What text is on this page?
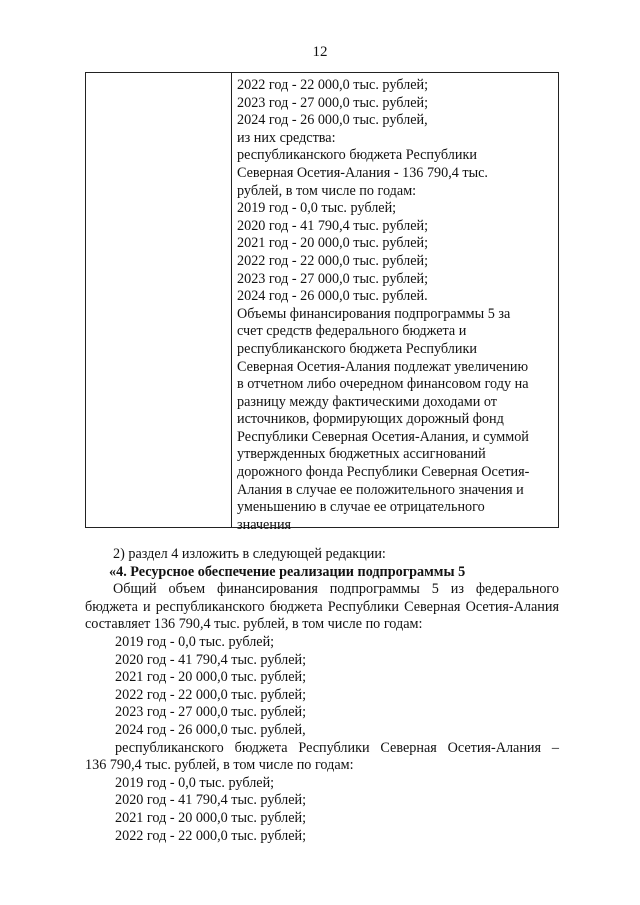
12
2022 год - 22 000,0 тыс. рублей;
2023 год - 27 000,0 тыс. рублей;
2024 год - 26 000,0 тыс. рублей,
из них средства:
республиканского бюджета Республики
Северная Осетия-Алания - 136 790,4 тыс.
рублей, в том числе по годам:
2019 год - 0,0 тыс. рублей;
2020 год - 41 790,4 тыс. рублей;
2021 год - 20 000,0 тыс. рублей;
2022 год - 22 000,0 тыс. рублей;
2023 год - 27 000,0 тыс. рублей;
2024 год - 26 000,0 тыс. рублей.
Объемы финансирования подпрограммы 5 за
счет средств федерального бюджета и
республиканского бюджета Республики
Северная Осетия-Алания подлежат увеличению
в отчетном либо очередном финансовом году на
разницу между фактическими доходами от
источников, формирующих дорожный фонд
Республики Северная Осетия-Алания, и суммой
утвержденных бюджетных ассигнований
дорожного фонда Республики Северная Осетия-
Алания в случае ее положительного значения и
уменьшению в случае ее отрицательного
значения
2) раздел 4 изложить в следующей редакции:
«4. Ресурсное обеспечение реализации подпрограммы 5
Общий объем финансирования подпрограммы 5 из федерального
бюджета и республиканского бюджета Республики Северная Осетия-Алания
составляет 136 790,4 тыс. рублей, в том числе по годам:
2019 год - 0,0 тыс. рублей;
2020 год - 41 790,4 тыс. рублей;
2021 год - 20 000,0 тыс. рублей;
2022 год - 22 000,0 тыс. рублей;
2023 год - 27 000,0 тыс. рублей;
2024 год - 26 000,0 тыс. рублей,
республиканского бюджета Республики Северная Осетия-Алания –
136 790,4 тыс. рублей, в том числе по годам:
2019 год - 0,0 тыс. рублей;
2020 год - 41 790,4 тыс. рублей;
2021 год - 20 000,0 тыс. рублей;
2022 год - 22 000,0 тыс. рублей;
